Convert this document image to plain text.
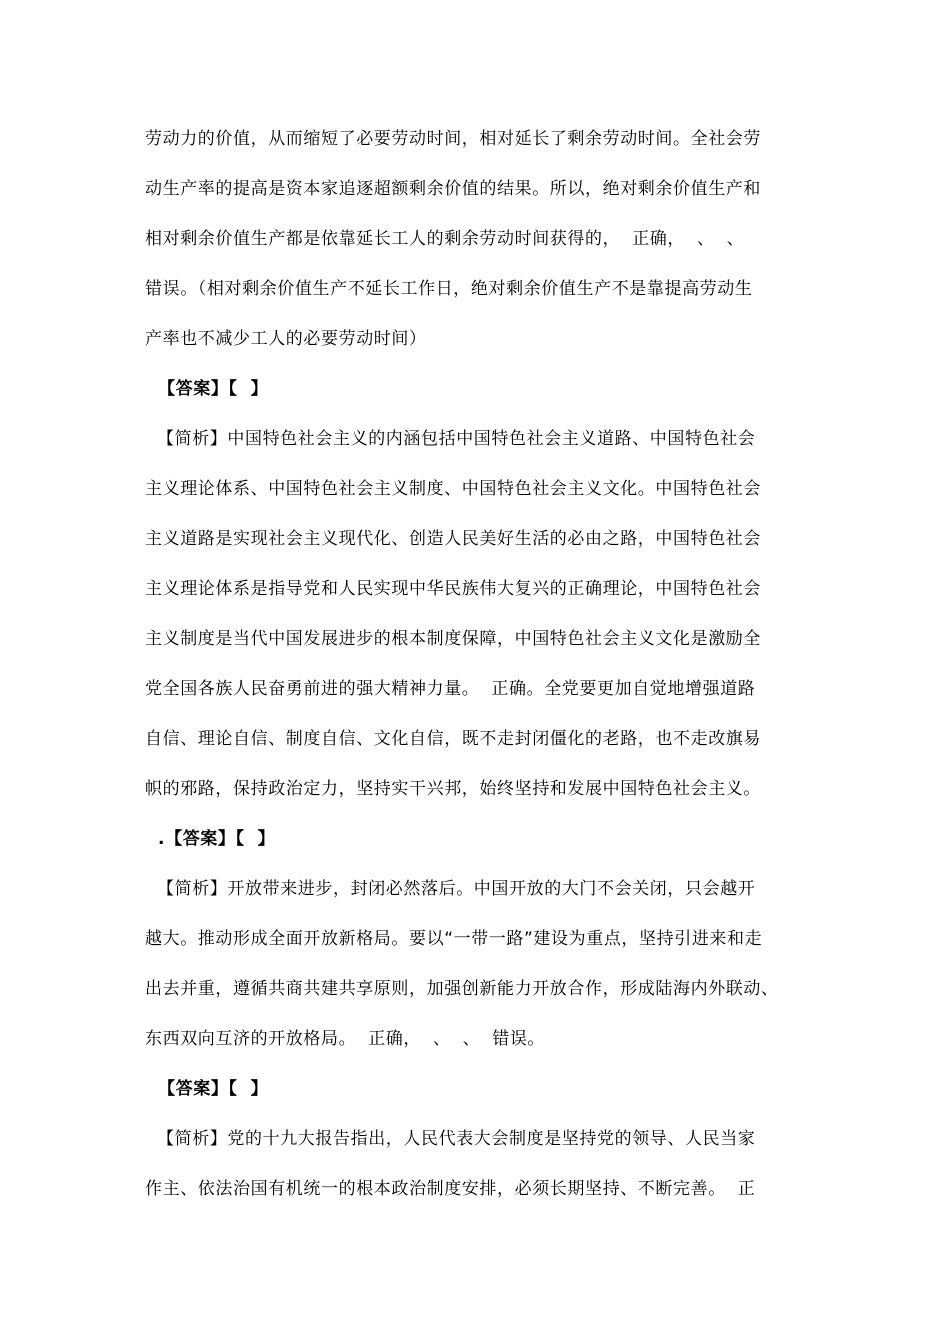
劳动力的价值，从而缩短了必要劳动时间，相对延长了剩余劳动时间。全社会劳
动生产率的提高是资本家追逐超额剩余价值的结果。所以，绝对剩余价值生产和
相对剩余价值生产都是依靠延长工人的剩余劳动时间获得的，  正确，  、  、
错误。（相对剩余价值生产不延长工作日，绝对剩余价值生产不是靠提高劳动生
产率也不减少工人的必要劳动时间）
【答案】【  】
【简析】中国特色社会主义的内涵包括中国特色社会主义道路、中国特色社会
主义理论体系、中国特色社会主义制度、中国特色社会主义文化。中国特色社会
主义道路是实现社会主义现代化、创造人民美好生活的必由之路，中国特色社会
主义理论体系是指导党和人民实现中华民族伟大复兴的正确理论，中国特色社会
主义制度是当代中国发展进步的根本制度保障，中国特色社会主义文化是激励全
党全国各族人民奋勇前进的强大精神力量。  正确。全党要更加自觉地增强道路
自信、理论自信、制度自信、文化自信，既不走封闭僵化的老路，也不走改旗易
帜的邪路，保持政治定力，坚持实干兴邦，始终坚持和发展中国特色社会主义。
.【答案】【  】
【简析】开放带来进步，封闭必然落后。中国开放的大门不会关闭，只会越开
越大。推动形成全面开放新格局。要以“一带一路”建设为重点，坚持引进来和走
出去并重，遵循共商共建共享原则，加强创新能力开放合作，形成陆海内外联动、
东西双向互济的开放格局。  正确，  、  、  错误。
【答案】【  】
【简析】党的十九大报告指出，人民代表大会制度是坚持党的领导、人民当家
作主、依法治国有机统一的根本政治制度安排，必须长期坚持、不断完善。  正
